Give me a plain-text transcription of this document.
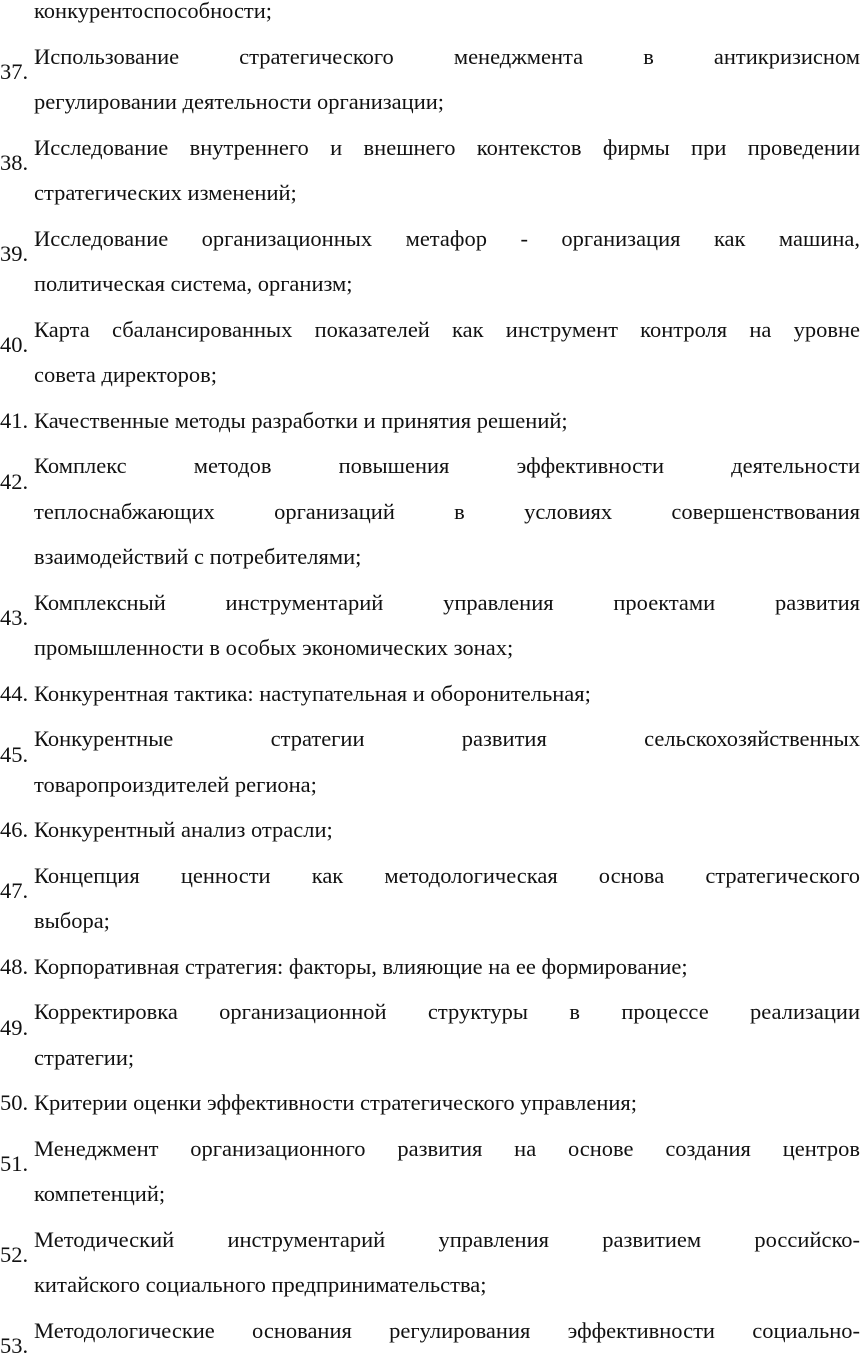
конкурентоспособности;
37.Использование стратегического менеджмента в антикризисном
регулировании деятельности организации;
38.Исследование внутреннего и внешнего контекстов фирмы при проведении
стратегических изменений;
39.Исследование организационных метафор - организация как машина,
политическая система, организм;
40.Карта сбалансированных показателей как инструмент контроля на уровне
совета директоров;
41. Качественные методы разработки и принятия решений;
42.Комплекс методов повышения эффективности деятельности
теплоснабжающих организаций в условиях совершенствования
взаимодействий с потребителями;
43.Комплексный инструментарий управления проектами развития
промышленности в особых экономических зонах;
44. Конкурентная тактика: наступательная и оборонительная;
45.Конкурентные стратегии развития сельскохозяйственных
товаропроиздителей региона;
46. Конкурентный анализ отрасли;
47.Концепция ценности как методологическая основа стратегического
выбора;
48. Корпоративная стратегия: факторы, влияющие на ее формирование;
49.Корректировка организационной структуры в процессе реализации
стратегии;
50. Критерии оценки эффективности стратегического управления;
51.Менеджмент организационного развития на основе создания центров
компетенций;
52.Методический инструментарий управления развитием российско-
китайского социального предпринимательства;
53.Методологические основания регулирования эффективности социально-
